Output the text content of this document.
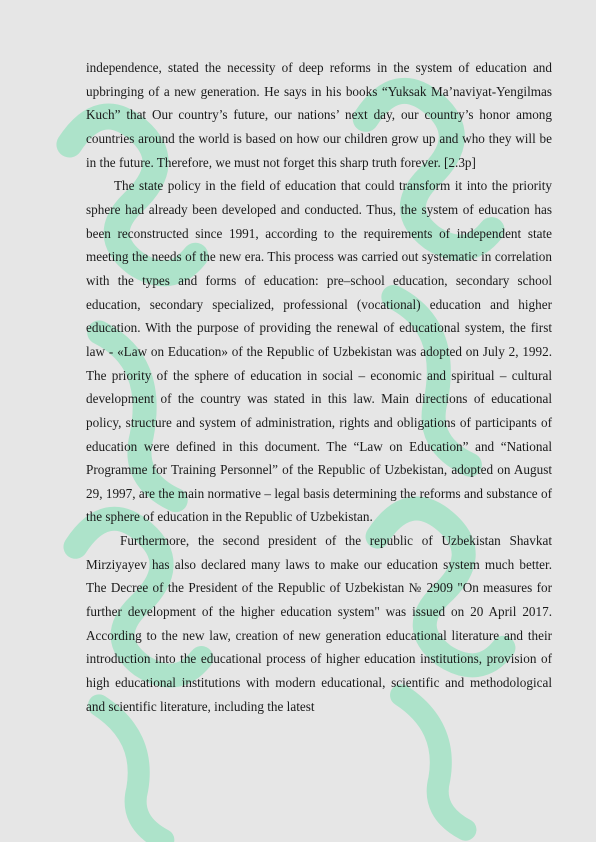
independence, stated the necessity of deep reforms in the system of education and upbringing of a new generation. He says in his books “Yuksak Ma’naviyat-Yengilmas Kuch” that Our country’s future, our nations’ next day, our country’s honor among countries around the world is based on how our children grow up and who they will be in the future. Therefore, we must not forget this sharp truth forever. [2.3p]

The state policy in the field of education that could transform it into the priority sphere had already been developed and conducted. Thus, the system of education has been reconstructed since 1991, according to the requirements of independent state meeting the needs of the new era. This process was carried out systematic in correlation with the types and forms of education: pre–school education, secondary school education, secondary specialized, professional (vocational) education and higher education. With the purpose of providing the renewal of educational system, the first law - «Law on Education» of the Republic of Uzbekistan was adopted on July 2, 1992. The priority of the sphere of education in social – economic and spiritual – cultural development of the country was stated in this law. Main directions of educational policy, structure and system of administration, rights and obligations of participants of education were defined in this document. The “Law on Education” and “National Programme for Training Personnel” of the Republic of Uzbekistan, adopted on August 29, 1997, are the main normative – legal basis determining the reforms and substance of the sphere of education in the Republic of Uzbekistan.

Furthermore, the second president of the republic of Uzbekistan Shavkat Mirziyayev has also declared many laws to make our education system much better. The Decree of the President of the Republic of Uzbekistan № 2909 "On measures for further development of the higher education system" was issued on 20 April 2017. According to the new law, creation of new generation educational literature and their introduction into the educational process of higher education institutions, provision of high educational institutions with modern educational, scientific and methodological and scientific literature, including the latest
